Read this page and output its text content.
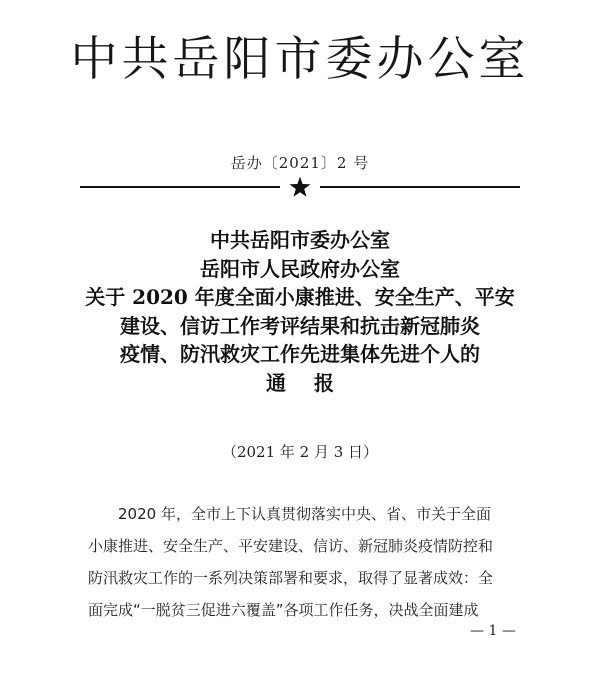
中共岳阳市委办公室
岳办〔2021〕2 号
中共岳阳市委办公室
岳阳市人民政府办公室
关于 2020 年度全面小康推进、安全生产、平安
建设、信访工作考评结果和抗击新冠肺炎
疫情、防汛救灾工作先进集体先进个人的
通报
（2021 年 2 月 3 日）
2020 年，全市上下认真贯彻落实中央、省、市关于全面
小康推进、安全生产、平安建设、信访、新冠肺炎疫情防控和
防汛救灾工作的一系列决策部署和要求，取得了显著成效：全
面完成“一脱贫三促进六覆盖”各项工作任务，决战全面建成
— 1 —
